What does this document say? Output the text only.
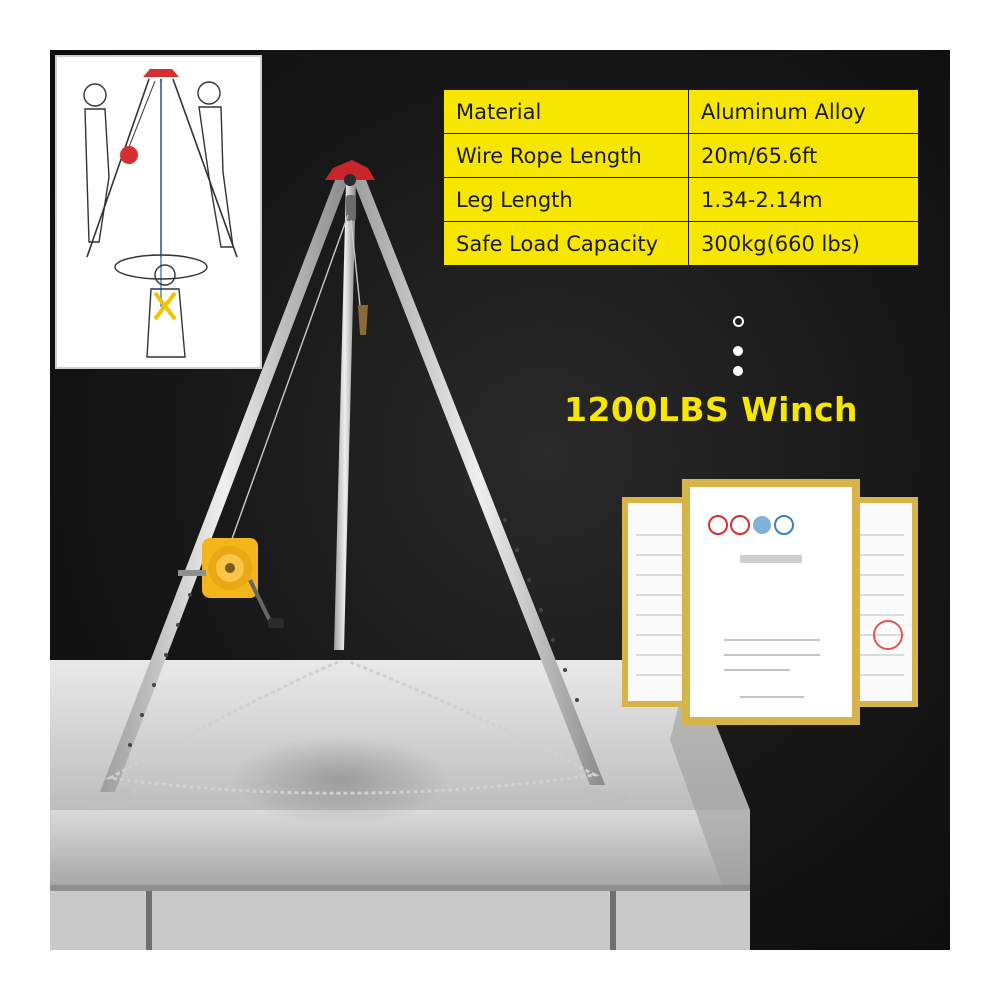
Material	Aluminum Alloy
Wire Rope Length	20m/65.6ft
Leg Length	1.34-2.14m
Safe Load Capacity	300kg(660 lbs)
1200LBS Winch
